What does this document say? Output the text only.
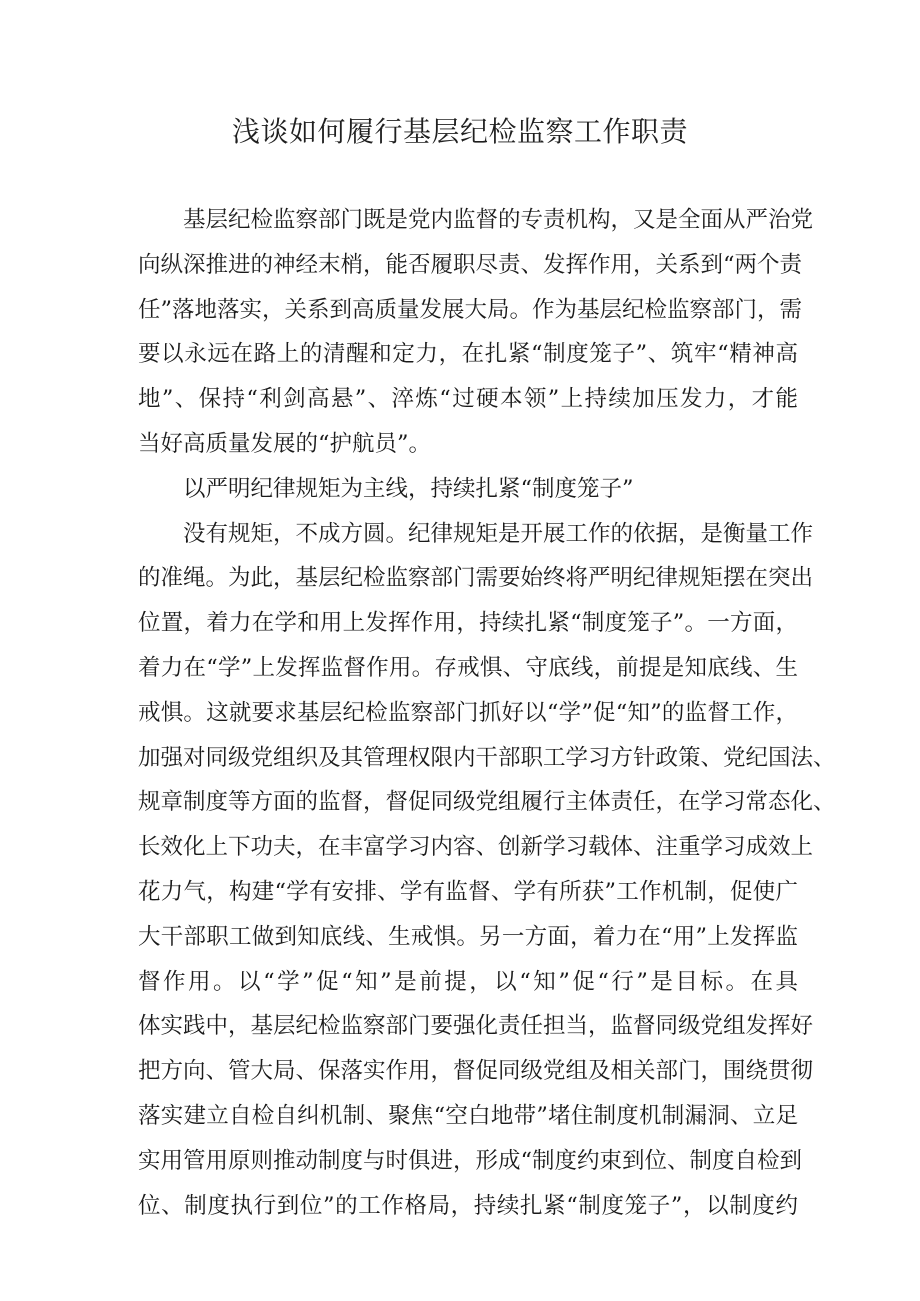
浅谈如何履行基层纪检监察工作职责
基层纪检监察部门既是党内监督的专责机构，又是全面从严治党
向纵深推进的神经末梢，能否履职尽责、发挥作用，关系到“两个责
任”落地落实，关系到高质量发展大局。作为基层纪检监察部门，需
要以永远在路上的清醒和定力，在扎紧“制度笼子”、筑牢“精神高
地”、保持“利剑高悬”、淬炼“过硬本领”上持续加压发力，才能
当好高质量发展的“护航员”。
以严明纪律规矩为主线，持续扎紧“制度笼子”
没有规矩，不成方圆。纪律规矩是开展工作的依据，是衡量工作
的准绳。为此，基层纪检监察部门需要始终将严明纪律规矩摆在突出
位置，着力在学和用上发挥作用，持续扎紧“制度笼子”。一方面，
着力在“学”上发挥监督作用。存戒惧、守底线，前提是知底线、生
戒惧。这就要求基层纪检监察部门抓好以“学”促“知”的监督工作，
加强对同级党组织及其管理权限内干部职工学习方针政策、党纪国法、
规章制度等方面的监督，督促同级党组履行主体责任，在学习常态化、
长效化上下功夫，在丰富学习内容、创新学习载体、注重学习成效上
花力气，构建“学有安排、学有监督、学有所获”工作机制，促使广
大干部职工做到知底线、生戒惧。另一方面，着力在“用”上发挥监
督作用。以“学”促“知”是前提，以“知”促“行”是目标。在具
体实践中，基层纪检监察部门要强化责任担当，监督同级党组发挥好
把方向、管大局、保落实作用，督促同级党组及相关部门，围绕贯彻
落实建立自检自纠机制、聚焦“空白地带”堵住制度机制漏洞、立足
实用管用原则推动制度与时俱进，形成“制度约束到位、制度自检到
位、制度执行到位”的工作格局，持续扎紧“制度笼子”，以制度约
